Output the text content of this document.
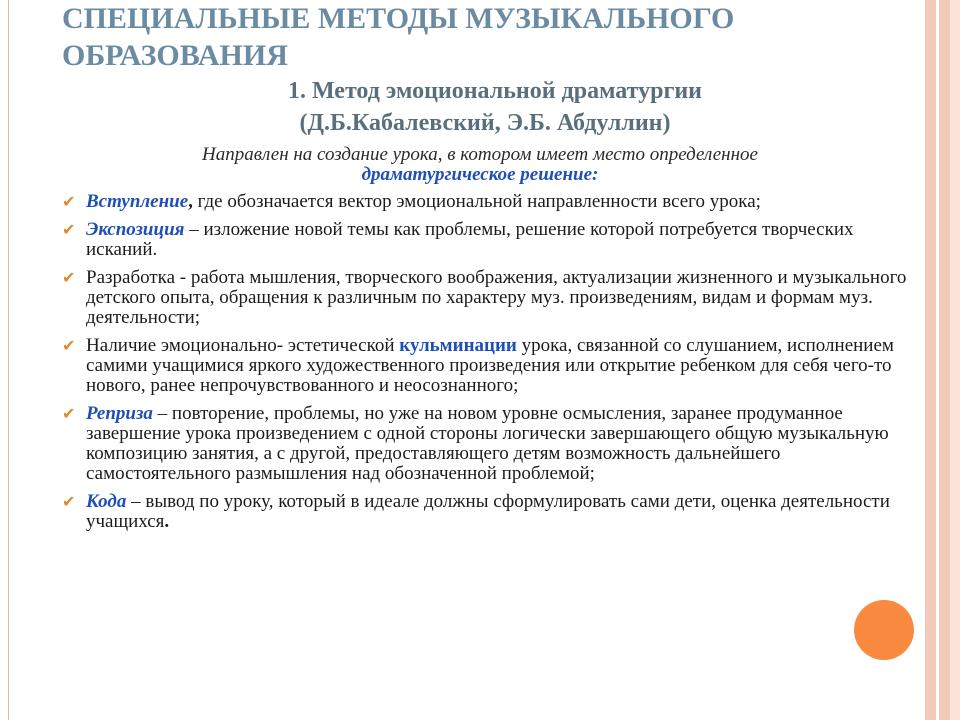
СПЕЦИАЛЬНЫЕ МЕТОДЫ МУЗЫКАЛЬНОГО
ОБРАЗОВАНИЯ

1. Метод эмоциональной драматургии

(Д.Б.Кабалевский, Э.Б. Абдуллин)

Направлен на создание урока, в котором имеет место определенное
драматургическое решение:

✔ Вступление, где обозначается вектор эмоциональной направленности всего урока;
✔ Экспозиция – изложение новой темы как проблемы, решение которой потребуется творческих исканий.
✔ Разработка - работа мышления, творческого воображения, актуализации жизненного и музыкального детского опыта, обращения к различным по характеру муз. произведениям, видам и формам муз. деятельности;
✔ Наличие эмоционально- эстетической кульминации урока, связанной со слушанием, исполнением самими учащимися яркого художественного произведения или открытие ребенком для себя чего-то нового, ранее непрочувствованного и неосознанного;
✔ Реприза – повторение, проблемы, но уже на новом уровне осмысления, заранее продуманное завершение урока произведением с одной стороны логически завершающего общую музыкальную композицию занятия, а с другой, предоставляющего детям возможность дальнейшего самостоятельного размышления над обозначенной проблемой;
✔ Кода – вывод по уроку, который в идеале должны сформулировать сами дети, оценка деятельности учащихся.
